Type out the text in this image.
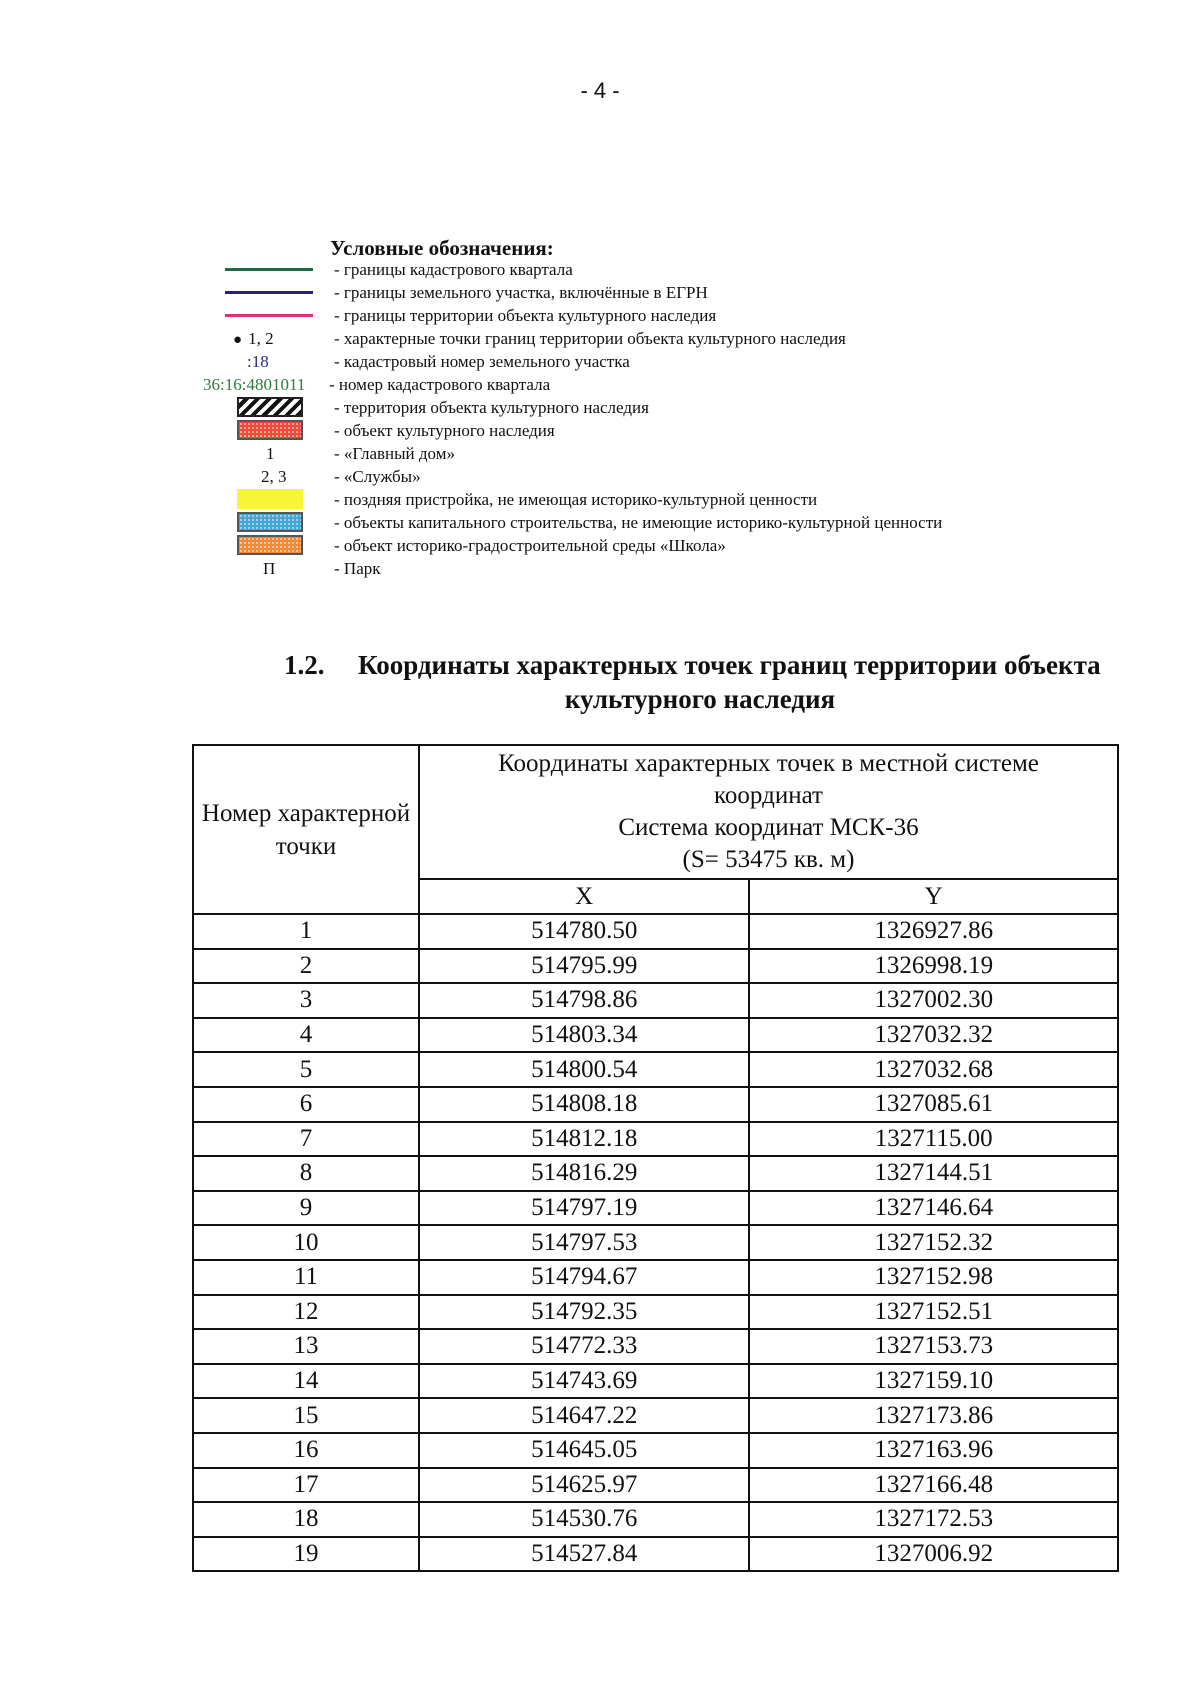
- 4 -
Условные обозначения:
- границы кадастрового квартала
- границы земельного участка, включённые в ЕГРН
- границы территории объекта культурного наследия
● 1, 2	- характерные точки границ территории объекта культурного наследия
:18	- кадастровый номер земельного участка
36:16:4801011 - номер кадастрового квартала
- территория объекта культурного наследия
- объект культурного наследия
1	- «Главный дом»
2, 3	- «Службы»
- поздняя пристройка, не имеющая историко-культурной ценности
- объекты капитального строительства, не имеющие историко-культурной ценности
- объект историко-градостроительной среды «Школа»
П	- Парк
1.2. Координаты характерных точек границ территории объекта
культурного наследия
Номер характерной точки	Координаты характерных точек в местной системе
координат
Система координат МСК-36
(S= 53475 кв. м)	

	X	Y
1	514780.50	1326927.86
2	514795.99	1326998.19
3	514798.86	1327002.30
4	514803.34	1327032.32
5	514800.54	1327032.68
6	514808.18	1327085.61
7	514812.18	1327115.00
8	514816.29	1327144.51
9	514797.19	1327146.64
10	514797.53	1327152.32
11	514794.67	1327152.98
12	514792.35	1327152.51
13	514772.33	1327153.73
14	514743.69	1327159.10
15	514647.22	1327173.86
16	514645.05	1327163.96
17	514625.97	1327166.48
18	514530.76	1327172.53
19	514527.84	1327006.92
